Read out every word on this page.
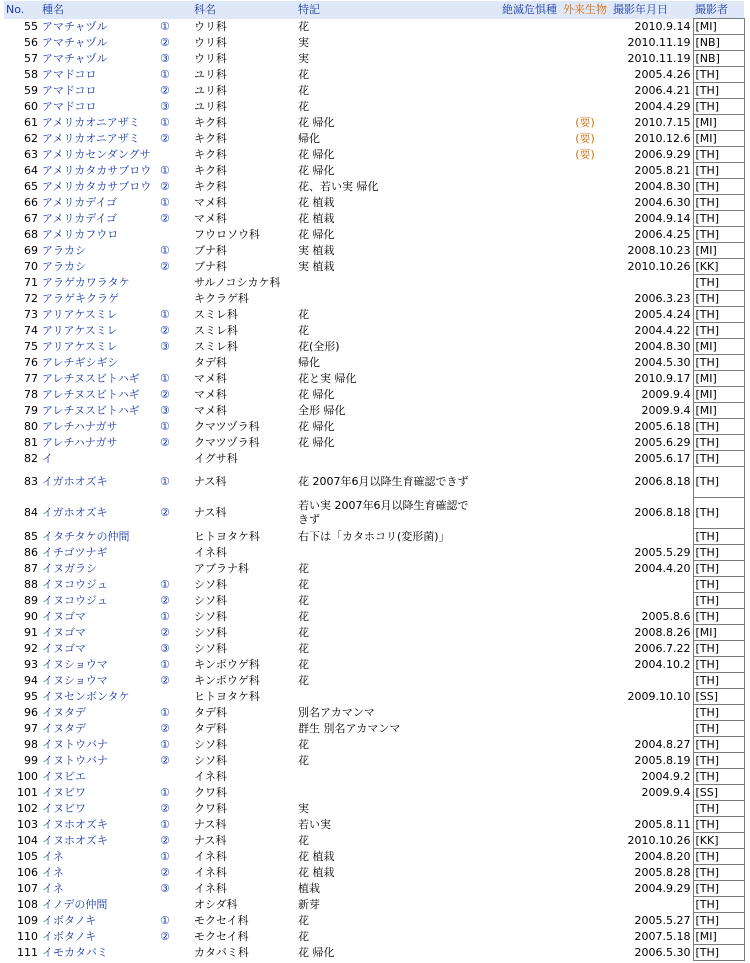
No.	種名	科名	特記	絶滅危惧種	外来生物	撮影年月日	撮影者
55	アマチャヅル ①	ウリ科	花			2010.9.14	[MI]
56	アマチャヅル ②	ウリ科	実			2010.11.19	[NB]
57	アマチャヅル ③	ウリ科	実			2010.11.19	[NB]
58	アマドコロ ①	ユリ科	花			2005.4.26	[TH]
59	アマドコロ ②	ユリ科	花			2006.4.21	[TH]
60	アマドコロ ③	ユリ科	花			2004.4.29	[TH]
61	アメリカオニアザミ ①	キク科	花 帰化		(要)	2010.7.15	[MI]
62	アメリカオニアザミ ②	キク科	帰化		(要)	2010.12.6	[MI]
63	アメリカセンダングサ	キク科	花 帰化		(要)	2006.9.29	[TH]
64	アメリカタカサブロウ ①	キク科	花 帰化			2005.8.21	[TH]
65	アメリカタカサブロウ ②	キク科	花、若い実 帰化			2004.8.30	[TH]
66	アメリカデイゴ ①	マメ科	花 植栽			2004.6.30	[TH]
67	アメリカデイゴ ②	マメ科	花 植栽			2004.9.14	[TH]
68	アメリカフウロ	フウロソウ科	花 帰化			2006.4.25	[TH]
69	アラカシ ①	ブナ科	実 植栽			2008.10.23	[MI]
70	アラカシ ②	ブナ科	実 植栽			2010.10.26	[KK]
71	アラゲカワラタケ	サルノコシカケ科					[TH]
72	アラゲキクラゲ	キクラゲ科				2006.3.23	[TH]
73	アリアケスミレ ①	スミレ科	花			2005.4.24	[TH]
74	アリアケスミレ ②	スミレ科	花			2004.4.22	[TH]
75	アリアケスミレ ③	スミレ科	花(全形)			2004.8.30	[MI]
76	アレチギシギシ	タデ科	帰化			2004.5.30	[TH]
77	アレチヌスビトハギ ①	マメ科	花と実 帰化			2010.9.17	[MI]
78	アレチヌスビトハギ ②	マメ科	花 帰化			2009.9.4	[MI]
79	アレチヌスビトハギ ③	マメ科	全形 帰化			2009.9.4	[MI]
80	アレチハナガサ ①	クマツヅラ科	花 帰化			2005.6.18	[TH]
81	アレチハナガサ ②	クマツヅラ科	花 帰化			2005.6.29	[TH]
82	イ	イグサ科				2005.6.17	[TH]
83	イガホオズキ ①	ナス科	花 2007年6月以降生育確認できず			2006.8.18	[TH]
84	イガホオズキ ②	ナス科	若い実 2007年6月以降生育確認できず			2006.8.18	[TH]
85	イタチタケの仲間	ヒトヨタケ科	右下は「カタホコリ(変形菌)」				[TH]
86	イチゴツナギ	イネ科				2005.5.29	[TH]
87	イヌガラシ	アブラナ科	花			2004.4.20	[TH]
88	イヌコウジュ ①	シソ科	花				[TH]
89	イヌコウジュ ②	シソ科	花				[TH]
90	イヌゴマ ①	シソ科	花			2005.8.6	[TH]
91	イヌゴマ ②	シソ科	花			2008.8.26	[MI]
92	イヌゴマ ③	シソ科	花			2006.7.22	[TH]
93	イヌショウマ ①	キンポウゲ科	花			2004.10.2	[TH]
94	イヌショウマ ②	キンポウゲ科	花				[TH]
95	イヌセンボンタケ	ヒトヨタケ科				2009.10.10	[SS]
96	イヌタデ ①	タデ科	別名アカマンマ				[TH]
97	イヌタデ ②	タデ科	群生 別名アカマンマ				[TH]
98	イヌトウバナ ①	シソ科	花			2004.8.27	[TH]
99	イヌトウバナ ②	シソ科	花			2005.8.19	[TH]
100	イヌビエ	イネ科				2004.9.2	[TH]
101	イヌビワ ①	クワ科				2009.9.4	[SS]
102	イヌビワ ②	クワ科	実				[TH]
103	イヌホオズキ ①	ナス科	若い実			2005.8.11	[TH]
104	イヌホオズキ ②	ナス科	花			2010.10.26	[KK]
105	イネ ①	イネ科	花 植栽			2004.8.20	[TH]
106	イネ ②	イネ科	花 植栽			2005.8.28	[TH]
107	イネ ③	イネ科	植栽			2004.9.29	[TH]
108	イノデの仲間	オシダ科	新芽				[TH]
109	イボタノキ ①	モクセイ科	花			2005.5.27	[TH]
110	イボタノキ ②	モクセイ科	花			2007.5.18	[MI]
111	イモカタバミ	カタバミ科	花 帰化			2006.5.30	[TH]
